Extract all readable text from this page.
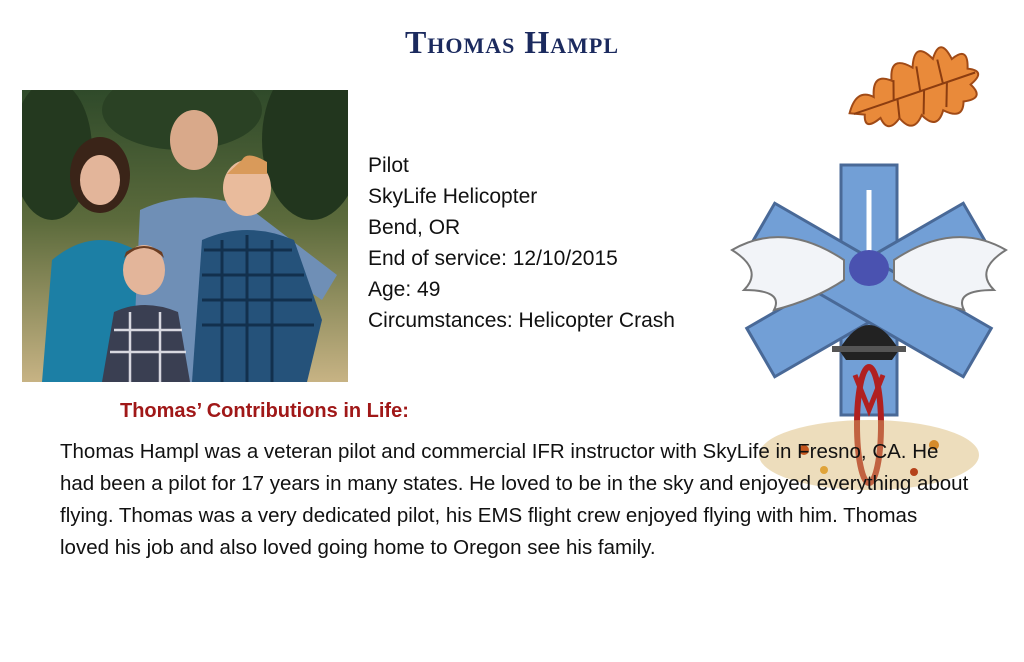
Thomas Hampl
Pilot
SkyLife Helicopter
Bend, OR
End of service: 12/10/2015
Age: 49
Circumstances: Helicopter Crash
Thomas’ Contributions in Life:

Thomas Hampl was a veteran pilot and commercial IFR instructor with SkyLife in Fresno, CA. He had been a pilot for 17 years in many states. He loved to be in the sky and enjoyed everything about flying. Thomas was a very dedicated pilot, his EMS flight crew enjoyed flying with him. Thomas loved his job and also loved going home to Oregon see his family.
